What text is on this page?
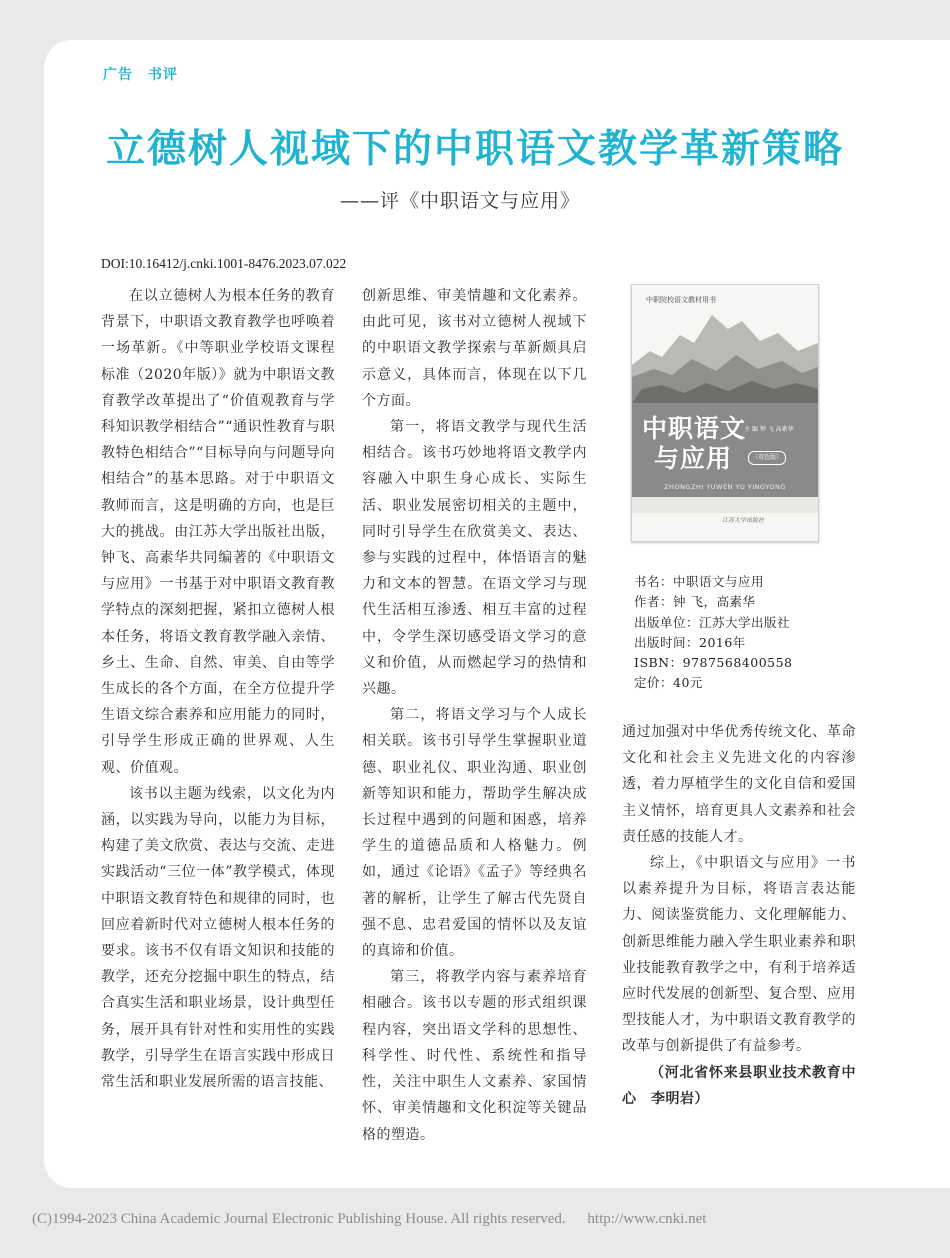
广告　书评
立德树人视域下的中职语文教学革新策略
——评《中职语文与应用》
DOI:10.16412/j.cnki.1001-8476.2023.07.022

在以立德树人为根本任务的教育背景下，中职语文教育教学也呼唤着一场革新。《中等职业学校语文课程标准（2020年版）》就为中职语文教育教学改革提出了“价值观教育与学科知识教学相结合”“通识性教育与职教特色相结合”“目标导向与问题导向相结合”的基本思路。对于中职语文教师而言，这是明确的方向，也是巨大的挑战。由江苏大学出版社出版，钟飞、高素华共同编著的《中职语文与应用》一书基于对中职语文教育教学特点的深刻把握，紧扣立德树人根本任务，将语文教育教学融入亲情、乡土、生命、自然、审美、自由等学生成长的各个方面，在全方位提升学生语文综合素养和应用能力的同时，引导学生形成正确的世界观、人生观、价值观。

该书以主题为线索，以文化为内涵，以实践为导向，以能力为目标，构建了美文欣赏、表达与交流、走进实践活动“三位一体”教学模式，体现中职语文教育特色和规律的同时，也回应着新时代对立德树人根本任务的要求。该书不仅有语文知识和技能的教学，还充分挖掘中职生的特点，结合真实生活和职业场景，设计典型任务，展开具有针对性和实用性的实践教学，引导学生在语言实践中形成日常生活和职业发展所需的语言技能、

创新思维、审美情趣和文化素养。由此可见，该书对立德树人视域下的中职语文教学探索与革新颇具启示意义，具体而言，体现在以下几个方面。

第一，将语文教学与现代生活相结合。该书巧妙地将语文教学内容融入中职生身心成长、实际生活、职业发展密切相关的主题中，同时引导学生在欣赏美文、表达、参与实践的过程中，体悟语言的魅力和文本的智慧。在语文学习与现代生活相互渗透、相互丰富的过程中，令学生深切感受语文学习的意义和价值，从而燃起学习的热情和兴趣。

第二，将语文学习与个人成长相关联。该书引导学生掌握职业道德、职业礼仪、职业沟通、职业创新等知识和能力，帮助学生解决成长过程中遇到的问题和困惑，培养学生的道德品质和人格魅力。例如，通过《论语》《孟子》等经典名著的解析，让学生了解古代先贤自强不息、忠君爱国的情怀以及友谊的真谛和价值。

第三，将教学内容与素养培育相融合。该书以专题的形式组织课程内容，突出语文学科的思想性、科学性、时代性、系统性和指导性，关注中职生人文素养、家国情怀、审美情趣和文化积淀等关键品格的塑造。

通过加强对中华优秀传统文化、革命文化和社会主义先进文化的内容渗透，着力厚植学生的文化自信和爱国主义情怀，培育更具人文素养和社会责任感的技能人才。

综上，《中职语文与应用》一书以素养提升为目标，将语言表达能力、阅读鉴赏能力、文化理解能力、创新思维能力融入学生职业素养和职业技能教育教学之中，有利于培养适应时代发展的创新型、复合型、应用型技能人才，为中职语文教育教学的改革与创新提供了有益参考。

（河北省怀来县职业技术教育中心　李明岩）

中职院校语文教材用书
中职语文
与应用
主 编 钟 飞 高素华
（双色版）
ZHONGZHI YUWEN YU YINGYONG
江苏大学出版社
书名：中职语文与应用
作者：钟 飞，高素华
出版单位：江苏大学出版社
出版时间：2016年
ISBN：9787568400558
定价：40元
(C)1994-2023 China Academic Journal Electronic Publishing House. All rights reserved. http://www.cnki.net
